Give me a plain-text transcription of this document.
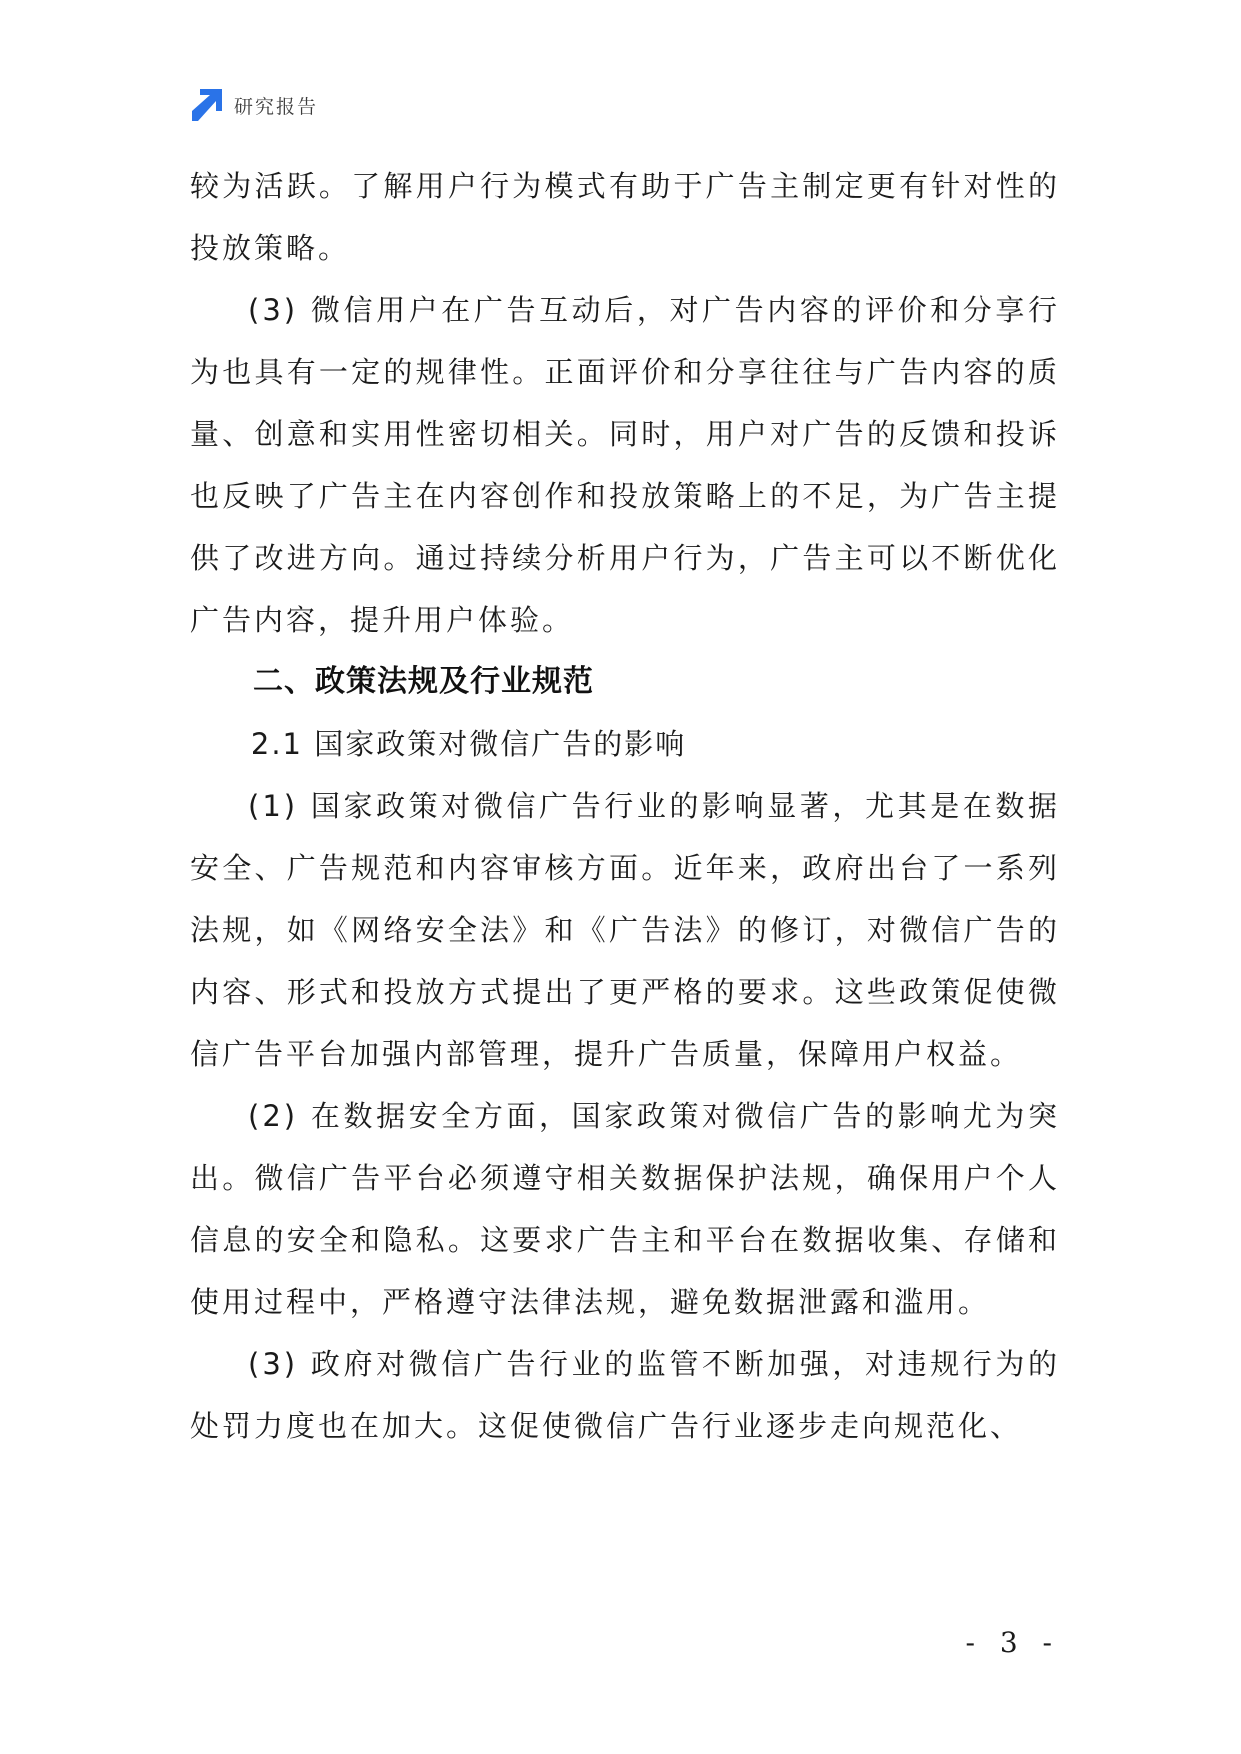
研究报告

较为活跃。了解用户行为模式有助于广告主制定更有针对性的投放策略。

(3) 微信用户在广告互动后，对广告内容的评价和分享行为也具有一定的规律性。正面评价和分享往往与广告内容的质量、创意和实用性密切相关。同时，用户对广告的反馈和投诉也反映了广告主在内容创作和投放策略上的不足，为广告主提供了改进方向。通过持续分析用户行为，广告主可以不断优化广告内容，提升用户体验。

二、政策法规及行业规范

2.1 国家政策对微信广告的影响

(1) 国家政策对微信广告行业的影响显著，尤其是在数据安全、广告规范和内容审核方面。近年来，政府出台了一系列法规，如《网络安全法》和《广告法》的修订，对微信广告的内容、形式和投放方式提出了更严格的要求。这些政策促使微信广告平台加强内部管理，提升广告质量，保障用户权益。

(2) 在数据安全方面，国家政策对微信广告的影响尤为突出。微信广告平台必须遵守相关数据保护法规，确保用户个人信息的安全和隐私。这要求广告主和平台在数据收集、存储和使用过程中，严格遵守法律法规，避免数据泄露和滥用。

(3) 政府对微信广告行业的监管不断加强，对违规行为的处罚力度也在加大。这促使微信广告行业逐步走向规范化、

- 3 -
